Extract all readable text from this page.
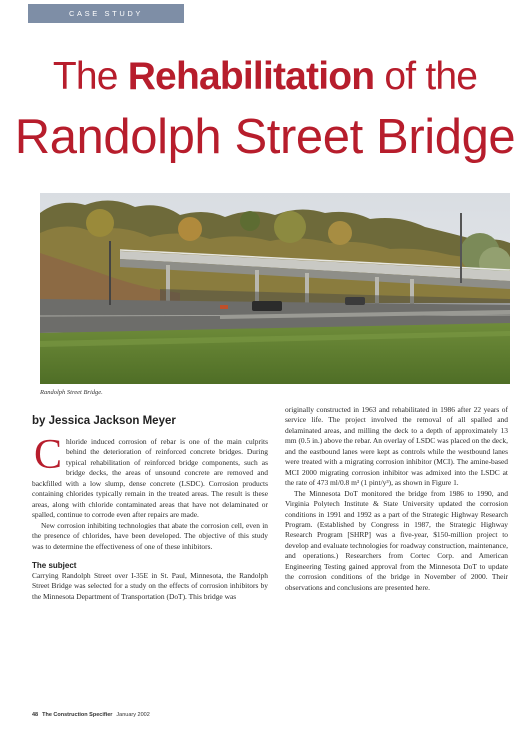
CASE STUDY
The Rehabilitation of the
Randolph Street Bridge
Randolph Street Bridge.
by Jessica Jackson Meyer

Chloride induced corrosion of rebar is one of the main culprits behind the deterioration of reinforced concrete bridges. During typical rehabilitation of reinforced bridge components, such as bridge decks, the areas of unsound concrete are removed and backfilled with a low slump, dense concrete (LSDC). Corrosion products containing chlorides typically remain in the treated areas. The result is these areas, along with chloride contaminated areas that have not delaminated or spalled, continue to corrode even after repairs are made.

New corrosion inhibiting technologies that abate the corrosion cell, even in the presence of chlorides, have been developed. The objective of this study was to determine the effectiveness of one of these inhibitors.

The subject

Carrying Randolph Street over I-35E in St. Paul, Minnesota, the Randolph Street Bridge was selected for a study on the effects of corrosion inhibitors by the Minnesota Department of Transportation (DoT). This bridge was

originally constructed in 1963 and rehabilitated in 1986 after 22 years of service life. The project involved the removal of all spalled and delaminated areas, and milling the deck to a depth of approximately 13 mm (0.5 in.) above the rebar. An overlay of LSDC was placed on the deck, and the eastbound lanes were kept as controls while the westbound lanes were treated with a migrating corrosion inhibitor (MCI). The amine-based MCI 2000 migrating corrosion inhibitor was admixed into the LSDC at the rate of 473 ml/0.8 m³ (1 pint/y³), as shown in Figure 1.

The Minnesota DoT monitored the bridge from 1986 to 1990, and Virginia Polytech Institute & State University updated the corrosion conditions in 1991 and 1992 as a part of the Strategic Highway Research Program. (Established by Congress in 1987, the Strategic Highway Research Program [SHRP] was a five-year, $150-million project to develop and evaluate technologies for roadway construction, maintenance, and operations.) Researchers from Cortec Corp. and American Engineering Testing gained approval from the Minnesota DoT to update the corrosion conditions of the bridge in November of 2000. Their observations and conclusions are presented here.

48 The Construction Specifier January 2002
